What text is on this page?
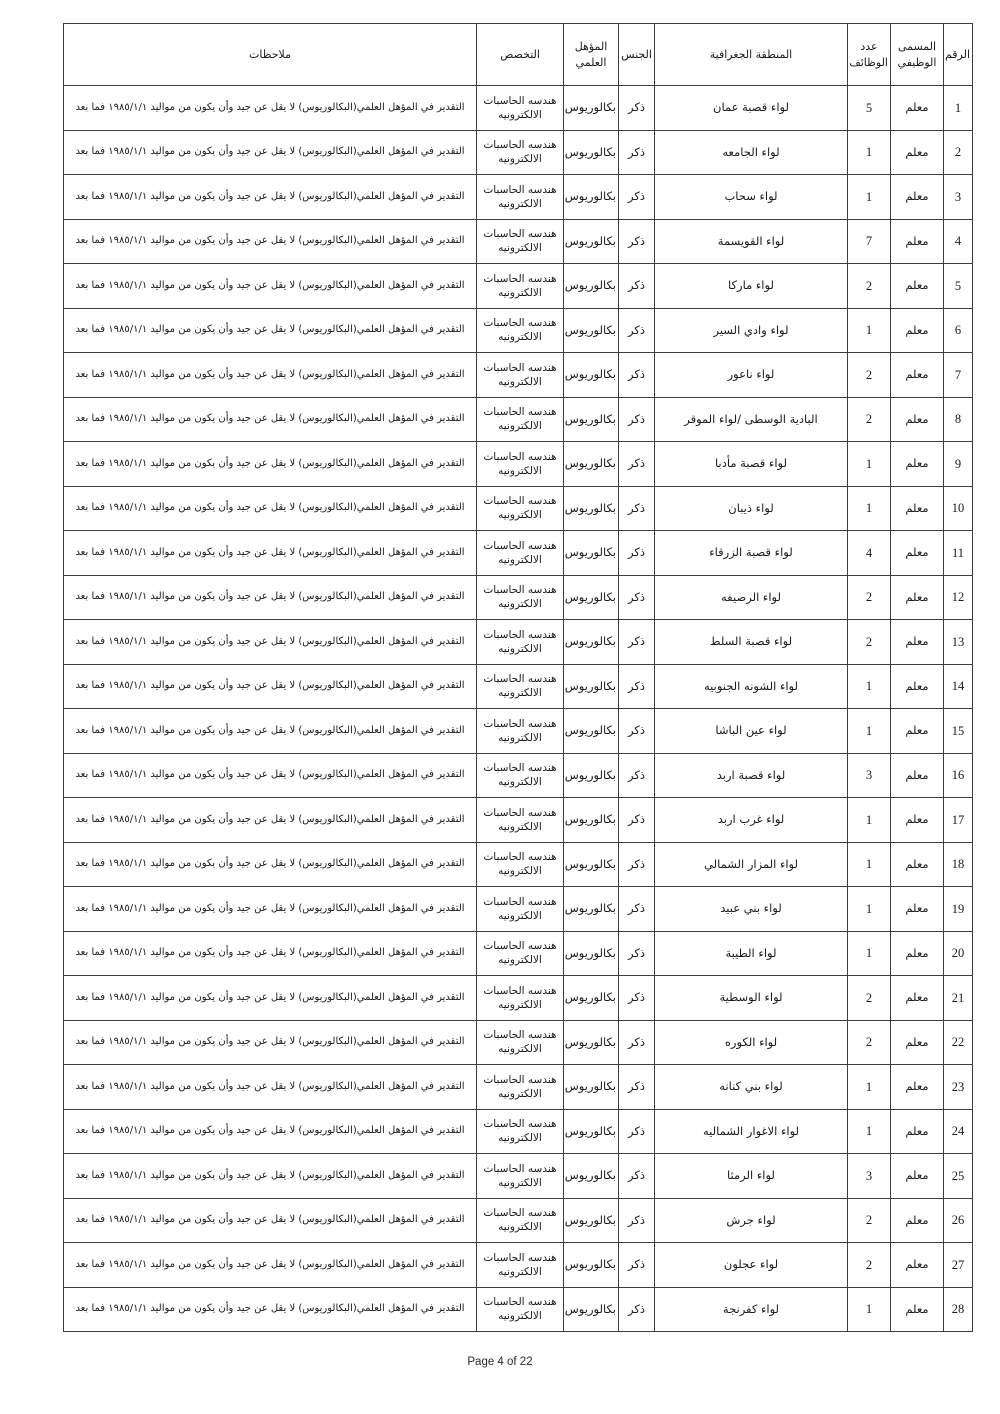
الرقم	المسمى الوظيفي	عدد الوظائف	المنطقة الجغرافية	الجنس	المؤهل العلمي	التخصص	ملاحظات
1	معلم	5	لواء قصبة عمان	ذكر	بكالوريوس	هندسه الحاسبات الالكترونيه	التقدير في المؤهل العلمي(البكالوريوس) لا يقل عن جيد وأن يكون من مواليد ١٩٨٥/١/١ فما بعد
2	معلم	1	لواء الجامعه	ذكر	بكالوريوس	هندسه الحاسبات الالكترونيه	التقدير في المؤهل العلمي(البكالوريوس) لا يقل عن جيد وأن يكون من مواليد ١٩٨٥/١/١ فما بعد
3	معلم	1	لواء سحاب	ذكر	بكالوريوس	هندسه الحاسبات الالكترونيه	التقدير في المؤهل العلمي(البكالوريوس) لا يقل عن جيد وأن يكون من مواليد ١٩٨٥/١/١ فما بعد
4	معلم	7	لواء القويسمة	ذكر	بكالوريوس	هندسه الحاسبات الالكترونيه	التقدير في المؤهل العلمي(البكالوريوس) لا يقل عن جيد وأن يكون من مواليد ١٩٨٥/١/١ فما بعد
5	معلم	2	لواء ماركا	ذكر	بكالوريوس	هندسه الحاسبات الالكترونيه	التقدير في المؤهل العلمي(البكالوريوس) لا يقل عن جيد وأن يكون من مواليد ١٩٨٥/١/١ فما بعد
6	معلم	1	لواء وادي السير	ذكر	بكالوريوس	هندسه الحاسبات الالكترونيه	التقدير في المؤهل العلمي(البكالوريوس) لا يقل عن جيد وأن يكون من مواليد ١٩٨٥/١/١ فما بعد
7	معلم	2	لواء ناعور	ذكر	بكالوريوس	هندسه الحاسبات الالكترونيه	التقدير في المؤهل العلمي(البكالوريوس) لا يقل عن جيد وأن يكون من مواليد ١٩٨٥/١/١ فما بعد
8	معلم	2	البادية الوسطى /لواء الموقر	ذكر	بكالوريوس	هندسه الحاسبات الالكترونيه	التقدير في المؤهل العلمي(البكالوريوس) لا يقل عن جيد وأن يكون من مواليد ١٩٨٥/١/١ فما بعد
9	معلم	1	لواء قصبة مأدبا	ذكر	بكالوريوس	هندسه الحاسبات الالكترونيه	التقدير في المؤهل العلمي(البكالوريوس) لا يقل عن جيد وأن يكون من مواليد ١٩٨٥/١/١ فما بعد
10	معلم	1	لواء ذيبان	ذكر	بكالوريوس	هندسه الحاسبات الالكترونيه	التقدير في المؤهل العلمي(البكالوريوس) لا يقل عن جيد وأن يكون من مواليد ١٩٨٥/١/١ فما بعد
11	معلم	4	لواء قصبة الزرقاء	ذكر	بكالوريوس	هندسه الحاسبات الالكترونيه	التقدير في المؤهل العلمي(البكالوريوس) لا يقل عن جيد وأن يكون من مواليد ١٩٨٥/١/١ فما بعد
12	معلم	2	لواء الرصيفه	ذكر	بكالوريوس	هندسه الحاسبات الالكترونيه	التقدير في المؤهل العلمي(البكالوريوس) لا يقل عن جيد وأن يكون من مواليد ١٩٨٥/١/١ فما بعد
13	معلم	2	لواء قصبة السلط	ذكر	بكالوريوس	هندسه الحاسبات الالكترونيه	التقدير في المؤهل العلمي(البكالوريوس) لا يقل عن جيد وأن يكون من مواليد ١٩٨٥/١/١ فما بعد
14	معلم	1	لواء الشونه الجنوبيه	ذكر	بكالوريوس	هندسه الحاسبات الالكترونيه	التقدير في المؤهل العلمي(البكالوريوس) لا يقل عن جيد وأن يكون من مواليد ١٩٨٥/١/١ فما بعد
15	معلم	1	لواء عين الباشا	ذكر	بكالوريوس	هندسه الحاسبات الالكترونيه	التقدير في المؤهل العلمي(البكالوريوس) لا يقل عن جيد وأن يكون من مواليد ١٩٨٥/١/١ فما بعد
16	معلم	3	لواء قصبة اربد	ذكر	بكالوريوس	هندسه الحاسبات الالكترونيه	التقدير في المؤهل العلمي(البكالوريوس) لا يقل عن جيد وأن يكون من مواليد ١٩٨٥/١/١ فما بعد
17	معلم	1	لواء غرب اربد	ذكر	بكالوريوس	هندسه الحاسبات الالكترونيه	التقدير في المؤهل العلمي(البكالوريوس) لا يقل عن جيد وأن يكون من مواليد ١٩٨٥/١/١ فما بعد
18	معلم	1	لواء المزار الشمالي	ذكر	بكالوريوس	هندسه الحاسبات الالكترونيه	التقدير في المؤهل العلمي(البكالوريوس) لا يقل عن جيد وأن يكون من مواليد ١٩٨٥/١/١ فما بعد
19	معلم	1	لواء بني عبيد	ذكر	بكالوريوس	هندسه الحاسبات الالكترونيه	التقدير في المؤهل العلمي(البكالوريوس) لا يقل عن جيد وأن يكون من مواليد ١٩٨٥/١/١ فما بعد
20	معلم	1	لواء الطيبة	ذكر	بكالوريوس	هندسه الحاسبات الالكترونيه	التقدير في المؤهل العلمي(البكالوريوس) لا يقل عن جيد وأن يكون من مواليد ١٩٨٥/١/١ فما بعد
21	معلم	2	لواء الوسطية	ذكر	بكالوريوس	هندسه الحاسبات الالكترونيه	التقدير في المؤهل العلمي(البكالوريوس) لا يقل عن جيد وأن يكون من مواليد ١٩٨٥/١/١ فما بعد
22	معلم	2	لواء الكوره	ذكر	بكالوريوس	هندسه الحاسبات الالكترونيه	التقدير في المؤهل العلمي(البكالوريوس) لا يقل عن جيد وأن يكون من مواليد ١٩٨٥/١/١ فما بعد
23	معلم	1	لواء بني كنانه	ذكر	بكالوريوس	هندسه الحاسبات الالكترونيه	التقدير في المؤهل العلمي(البكالوريوس) لا يقل عن جيد وأن يكون من مواليد ١٩٨٥/١/١ فما بعد
24	معلم	1	لواء الاغوار الشماليه	ذكر	بكالوريوس	هندسه الحاسبات الالكترونيه	التقدير في المؤهل العلمي(البكالوريوس) لا يقل عن جيد وأن يكون من مواليد ١٩٨٥/١/١ فما بعد
25	معلم	3	لواء الرمثا	ذكر	بكالوريوس	هندسه الحاسبات الالكترونيه	التقدير في المؤهل العلمي(البكالوريوس) لا يقل عن جيد وأن يكون من مواليد ١٩٨٥/١/١ فما بعد
26	معلم	2	لواء جرش	ذكر	بكالوريوس	هندسه الحاسبات الالكترونيه	التقدير في المؤهل العلمي(البكالوريوس) لا يقل عن جيد وأن يكون من مواليد ١٩٨٥/١/١ فما بعد
27	معلم	2	لواء عجلون	ذكر	بكالوريوس	هندسه الحاسبات الالكترونيه	التقدير في المؤهل العلمي(البكالوريوس) لا يقل عن جيد وأن يكون من مواليد ١٩٨٥/١/١ فما بعد
28	معلم	1	لواء كفرنجة	ذكر	بكالوريوس	هندسه الحاسبات الالكترونيه	التقدير في المؤهل العلمي(البكالوريوس) لا يقل عن جيد وأن يكون من مواليد ١٩٨٥/١/١ فما بعد
Page 4 of 22
